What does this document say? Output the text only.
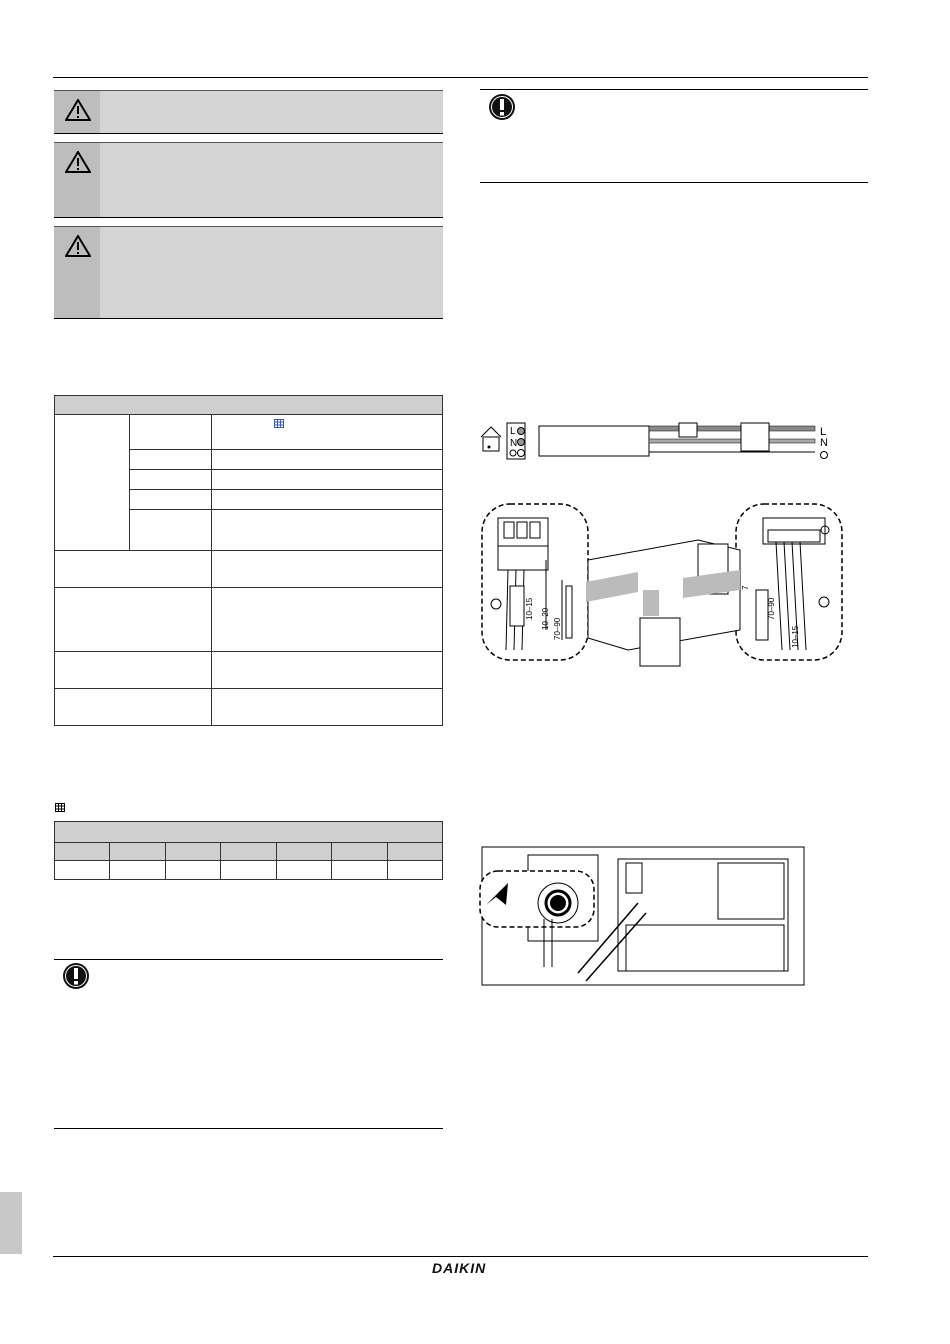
L
N
L
N
10–15 10–20 70–90
7
70–90
10–15
DAIKIN
